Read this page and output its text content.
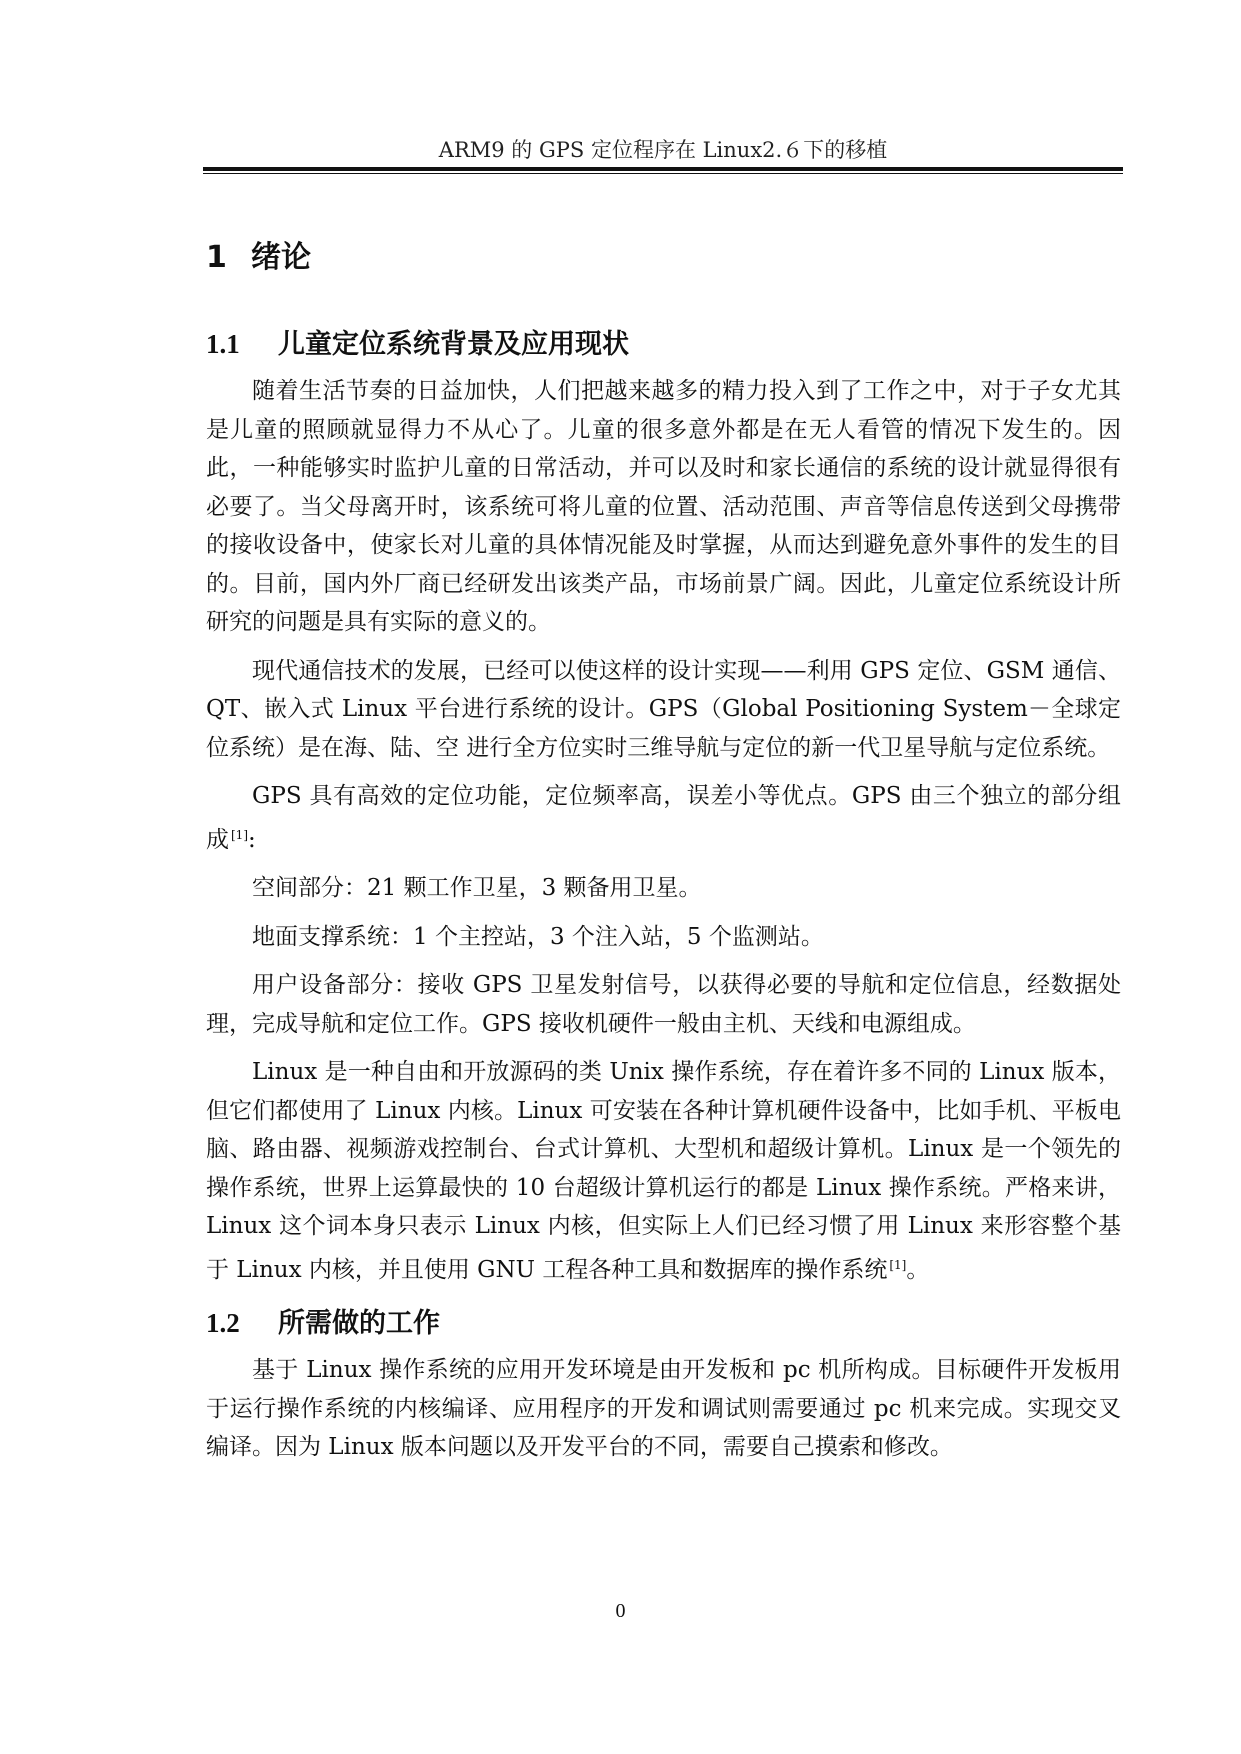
ARM9 的 GPS 定位程序在 Linux2.６下的移植
1 绪论
1.1 儿童定位系统背景及应用现状

随着生活节奏的日益加快，人们把越来越多的精力投入到了工作之中，对于子女尤其是儿童的照顾就显得力不从心了。儿童的很多意外都是在无人看管的情况下发生的。因此，一种能够实时监护儿童的日常活动，并可以及时和家长通信的系统的设计就显得很有必要了。当父母离开时，该系统可将儿童的位置、活动范围、声音等信息传送到父母携带的接收设备中，使家长对儿童的具体情况能及时掌握，从而达到避免意外事件的发生的目的。目前，国内外厂商已经研发出该类产品，市场前景广阔。因此，儿童定位系统设计所研究的问题是具有实际的意义的。

现代通信技术的发展，已经可以使这样的设计实现——利用 GPS 定位、GSM 通信、QT、嵌入式 Linux 平台进行系统的设计。GPS（Global Positioning System－全球定位系统）是在海、陆、空 进行全方位实时三维导航与定位的新一代卫星导航与定位系统。

GPS 具有高效的定位功能，定位频率高，误差小等优点。GPS 由三个独立的部分组成 [1]:

空间部分：21 颗工作卫星，3 颗备用卫星。

地面支撑系统：1 个主控站，3 个注入站，5 个监测站。

用户设备部分：接收 GPS 卫星发射信号，以获得必要的导航和定位信息，经数据处理，完成导航和定位工作。GPS 接收机硬件一般由主机、天线和电源组成。

Linux 是一种自由和开放源码的类 Unix 操作系统，存在着许多不同的 Linux 版本，但它们都使用了 Linux 内核。Linux 可安装在各种计算机硬件设备中，比如手机、平板电脑、路由器、视频游戏控制台、台式计算机、大型机和超级计算机。Linux 是一个领先的操作系统，世界上运算最快的 10 台超级计算机运行的都是 Linux 操作系统。严格来讲，Linux 这个词本身只表示 Linux 内核，但实际上人们已经习惯了用 Linux 来形容整个基于 Linux 内核，并且使用 GNU 工程各种工具和数据库的操作系统 [1]。

1.2 所需做的工作

基于 Linux 操作系统的应用开发环境是由开发板和 pc 机所构成。目标硬件开发板用于运行操作系统的内核编译、应用程序的开发和调试则需要通过 pc 机来完成。实现交叉编译。因为 Linux 版本问题以及开发平台的不同，需要自己摸索和修改。

0
